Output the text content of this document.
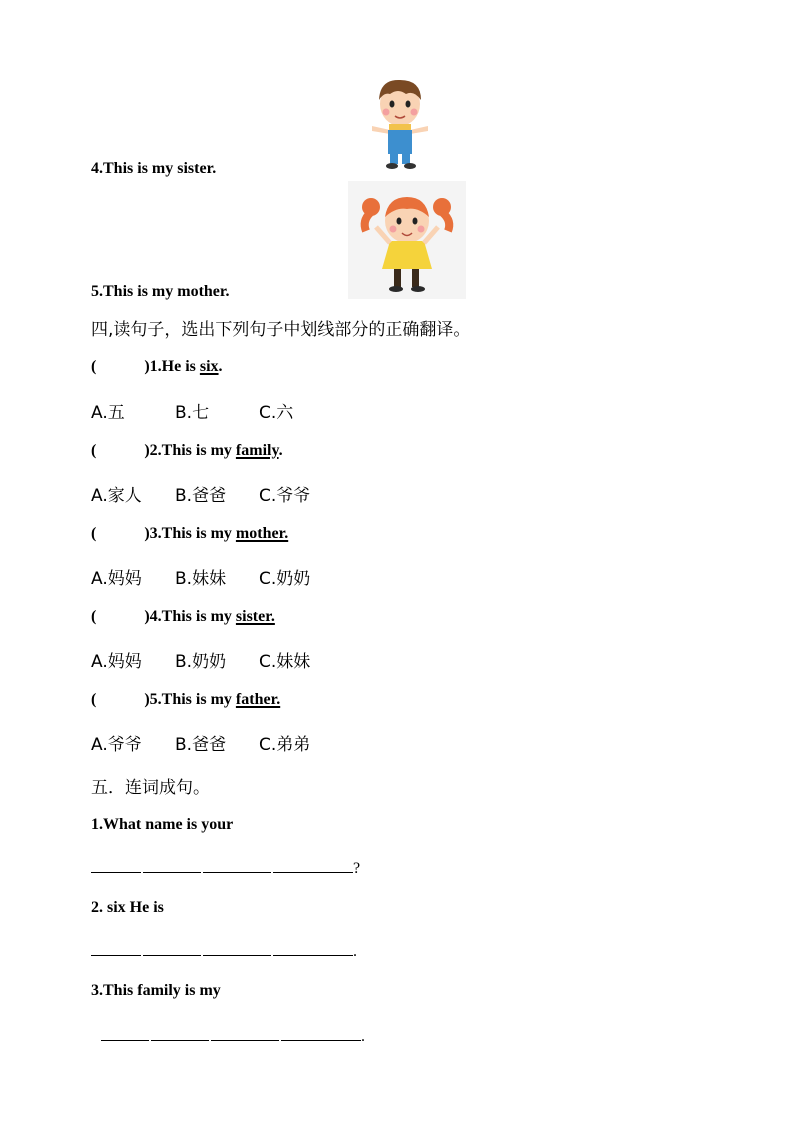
4.This is my sister.
5.This is my mother.
四,读句子，选出下列句子中划线部分的正确翻译。
(	)1.He is six.
A.五	B.七	C.六
(	)2.This is my family.
A.家人 B.爸爸 C.爷爷
(	)3.This is my mother.
A.妈妈 B.妹妹 C.奶奶
(	)4.This is my sister.
A.妈妈 B.奶奶 C.妹妹
(	)5.This is my father.
A.爷爷 B.爸爸 C.弟弟
五．连词成句。
1.What name is your
?
2. six He is
.
3.This family is my
.
